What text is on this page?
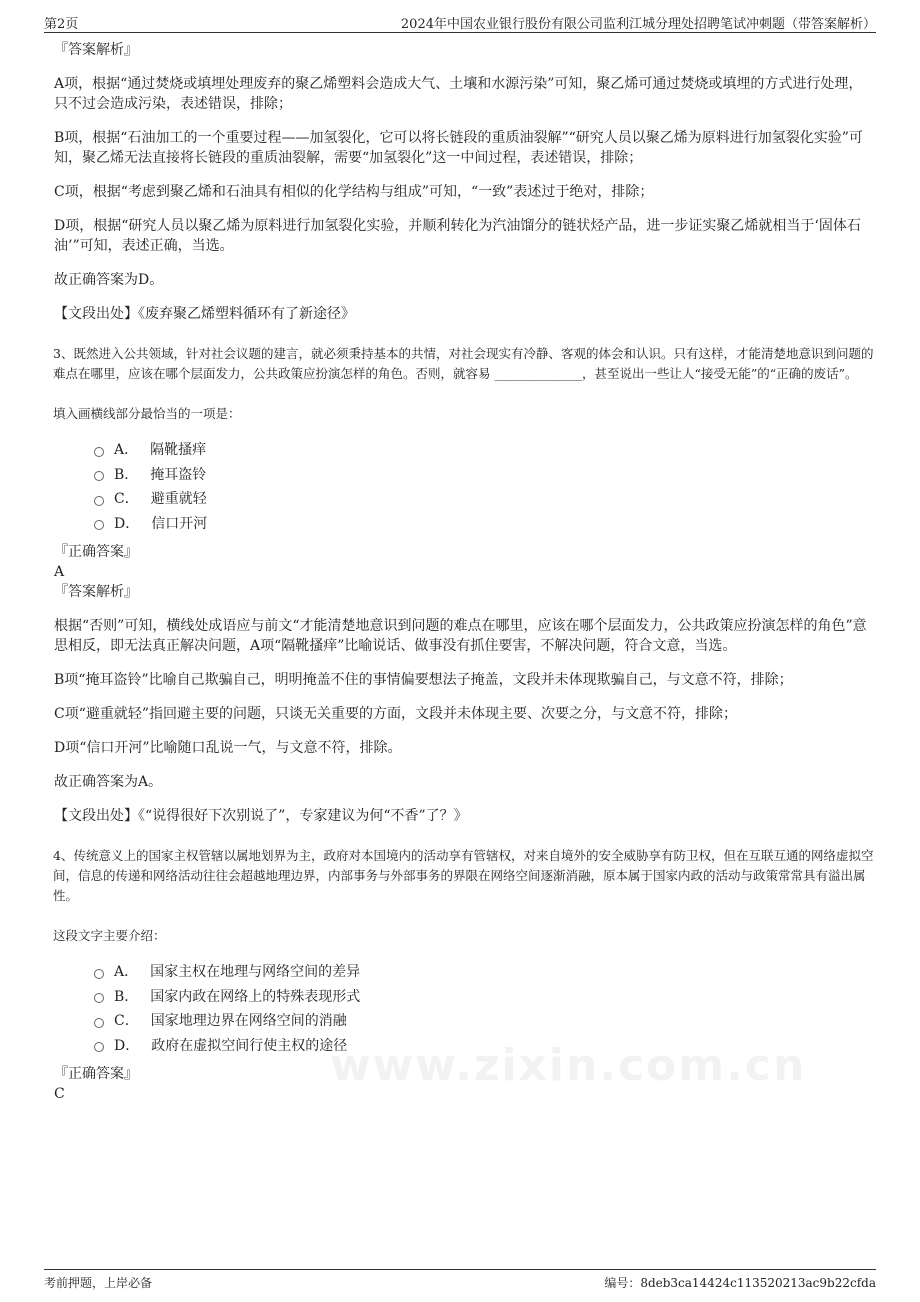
第2页	2024年中国农业银行股份有限公司监利江城分理处招聘笔试冲刺题（带答案解析）
www.zixin.com.cn
『答案解析』

A项，根据“通过焚烧或填埋处理废弃的聚乙烯塑料会造成大气、土壤和水源污染”可知，聚乙烯可通过焚烧或填埋的方式进行处理，只不过会造成污染，表述错误，排除；

B项，根据“石油加工的一个重要过程——加氢裂化，它可以将长链段的重质油裂解”“研究人员以聚乙烯为原料进行加氢裂化实验”可知，聚乙烯无法直接将长链段的重质油裂解，需要“加氢裂化”这一中间过程，表述错误，排除；

C项，根据“考虑到聚乙烯和石油具有相似的化学结构与组成”可知，“一致”表述过于绝对，排除；

D项，根据“研究人员以聚乙烯为原料进行加氢裂化实验，并顺利转化为汽油馏分的链状烃产品，进一步证实聚乙烯就相当于‘固体石油’”可知，表述正确，当选。

故正确答案为D。

【文段出处】《废弃聚乙烯塑料循环有了新途径》

3、既然进入公共领域，针对社会议题的建言，就必须秉持基本的共情，对社会现实有冷静、客观的体会和认识。只有这样，才能清楚地意识到问题的难点在哪里，应该在哪个层面发力，公共政策应扮演怎样的角色。否则，就容易 ______________，甚至说出一些让人“接受无能”的“正确的废话”。

填入画横线部分最恰当的一项是：

A． 隔靴搔痒
B． 掩耳盗铃
C． 避重就轻
D． 信口开河
『正确答案』
A
『答案解析』

根据“否则”可知，横线处成语应与前文“才能清楚地意识到问题的难点在哪里，应该在哪个层面发力，公共政策应扮演怎样的角色”意思相反，即无法真正解决问题，A项“隔靴搔痒”比喻说话、做事没有抓住要害，不解决问题，符合文意，当选。

B项“掩耳盗铃”比喻自己欺骗自己，明明掩盖不住的事情偏要想法子掩盖，文段并未体现欺骗自己，与文意不符，排除；

C项“避重就轻”指回避主要的问题，只谈无关重要的方面，文段并未体现主要、次要之分，与文意不符，排除；

D项“信口开河”比喻随口乱说一气，与文意不符，排除。

故正确答案为A。

【文段出处】《“说得很好下次别说了”，专家建议为何“不香”了？》

4、传统意义上的国家主权管辖以属地划界为主，政府对本国境内的活动享有管辖权，对来自境外的安全威胁享有防卫权，但在互联互通的网络虚拟空间，信息的传递和网络活动往往会超越地理边界，内部事务与外部事务的界限在网络空间逐渐消融，原本属于国家内政的活动与政策常常具有溢出属性。

这段文字主要介绍：

A． 国家主权在地理与网络空间的差异
B． 国家内政在网络上的特殊表现形式
C． 国家地理边界在网络空间的消融
D． 政府在虚拟空间行使主权的途径
『正确答案』
C
考前押题，上岸必备	编号：8deb3ca14424c113520213ac9b22cfda
